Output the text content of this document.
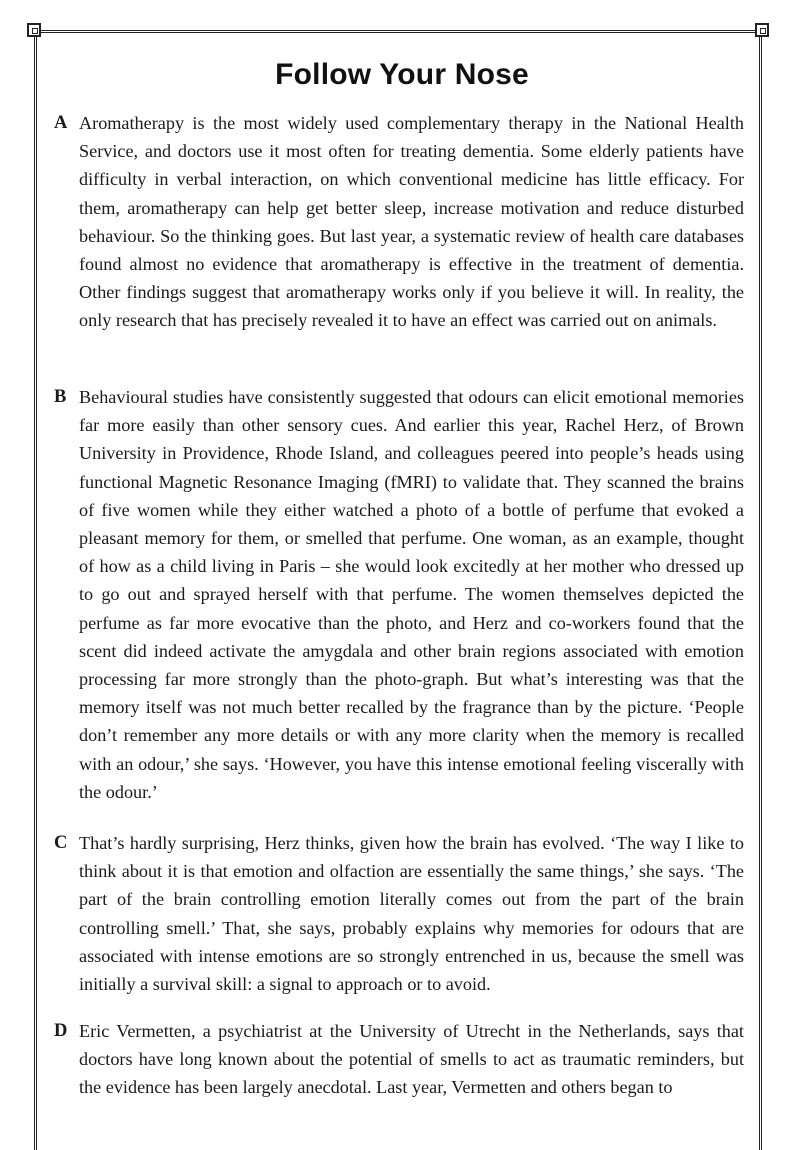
Follow Your Nose
A Aromatherapy is the most widely used complementary therapy in the National Health Service, and doctors use it most often for treating dementia. Some elderly patients have difficulty in verbal interaction, on which conventional medicine has little efficacy. For them, aromatherapy can help get better sleep, increase motivation and reduce disturbed behaviour. So the thinking goes. But last year, a systematic review of health care databases found almost no evidence that aromatherapy is effective in the treatment of dementia. Other findings suggest that aromatherapy works only if you believe it will. In reality, the only research that has precisely revealed it to have an effect was carried out on animals.
B Behavioural studies have consistently suggested that odours can elicit emotional memories far more easily than other sensory cues. And earlier this year, Rachel Herz, of Brown University in Providence, Rhode Island, and colleagues peered into people’s heads using functional Magnetic Resonance Imaging (fMRI) to validate that. They scanned the brains of five women while they either watched a photo of a bottle of perfume that evoked a pleasant memory for them, or smelled that perfume. One woman, as an example, thought of how as a child living in Paris – she would look excitedly at her mother who dressed up to go out and sprayed herself with that perfume. The women themselves depicted the perfume as far more evocative than the photo, and Herz and co-workers found that the scent did indeed activate the amygdala and other brain regions associated with emotion processing far more strongly than the photo-graph. But what’s interesting was that the memory itself was not much better recalled by the fragrance than by the picture. ‘People don’t remember any more details or with any more clarity when the memory is recalled with an odour,’ she says. ‘However, you have this intense emotional feeling viscerally with the odour.’
C That’s hardly surprising, Herz thinks, given how the brain has evolved. ‘The way I like to think about it is that emotion and olfaction are essentially the same things,’ she says. ‘The part of the brain controlling emotion literally comes out from the part of the brain controlling smell.’ That, she says, probably explains why memories for odours that are associated with intense emotions are so strongly entrenched in us, because the smell was initially a survival skill: a signal to approach or to avoid.
D Eric Vermetten, a psychiatrist at the University of Utrecht in the Netherlands, says that doctors have long known about the potential of smells to act as traumatic reminders, but the evidence has been largely anecdotal. Last year, Vermetten and others began to
